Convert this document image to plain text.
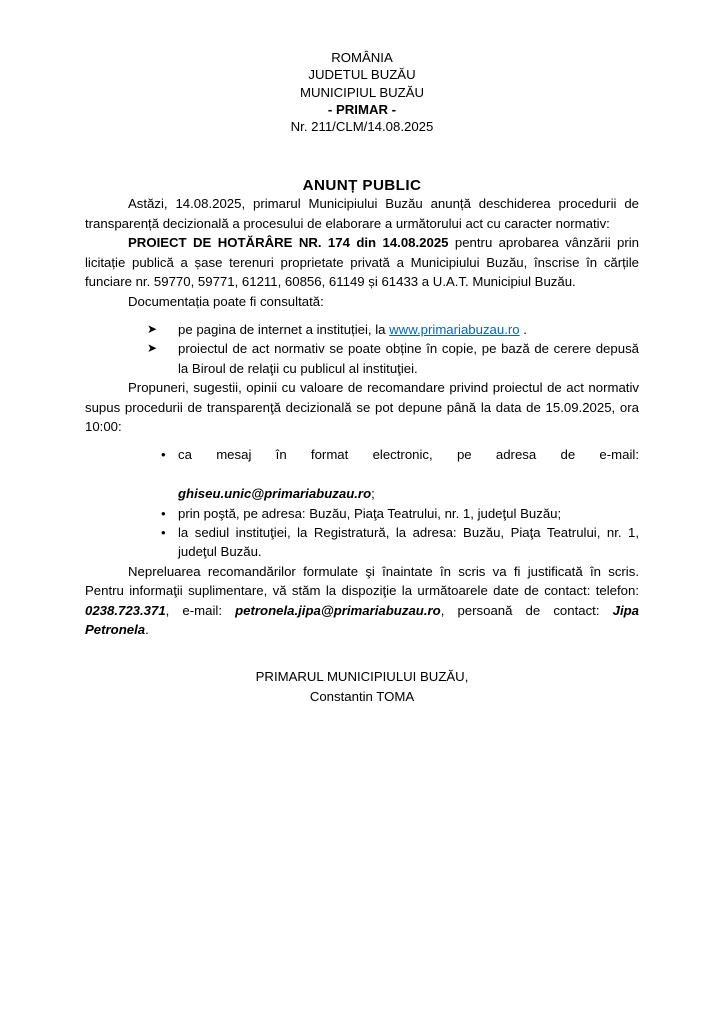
ROMÂNIA
JUDETUL BUZĂU
MUNICIPIUL BUZĂU
- PRIMAR -
Nr. 211/CLM/14.08.2025
ANUNȚ PUBLIC

Astăzi, 14.08.2025, primarul Municipiului Buzău anunță deschiderea procedurii de transparență decizională a procesului de elaborare a următorului act cu caracter normativ:

PROIECT DE HOTĂRÂRE NR. 174 din 14.08.2025 pentru aprobarea vânzării prin licitație publică a șase terenuri proprietate privată a Municipiului Buzău, înscrise în cărțile funciare nr. 59770, 59771, 61211, 60856, 61149 și 61433 a U.A.T. Municipiul Buzău.

Documentația poate fi consultată:

➤ pe pagina de internet a instituției, la www.primariabuzau.ro .
➤ proiectul de act normativ se poate obține în copie, pe bază de cerere depusă la Biroul de relaţii cu publicul al instituţiei.

Propuneri, sugestii, opinii cu valoare de recomandare privind proiectul de act normativ supus procedurii de transparenţă decizională se pot depune până la data de 15.09.2025, ora 10:00:

• ca mesaj în format electronic, pe adresa de e-mail:ghiseu.unic@primariabuzau.ro;
• prin poştă, pe adresa: Buzău, Piaţa Teatrului, nr. 1, judeţul Buzău;
• la sediul instituţiei, la Registratură, la adresa: Buzău, Piaţa Teatrului, nr. 1, judeţul Buzău.

Nepreluarea recomandărilor formulate şi înaintate în scris va fi justificată în scris. Pentru informaţii suplimentare, vă stăm la dispoziţie la următoarele date de contact: telefon: 0238.723.371, e-mail: petronela.jipa@primariabuzau.ro, persoană de contact: Jipa Petronela.

PRIMARUL MUNICIPIULUI BUZĂU,
Constantin TOMA
